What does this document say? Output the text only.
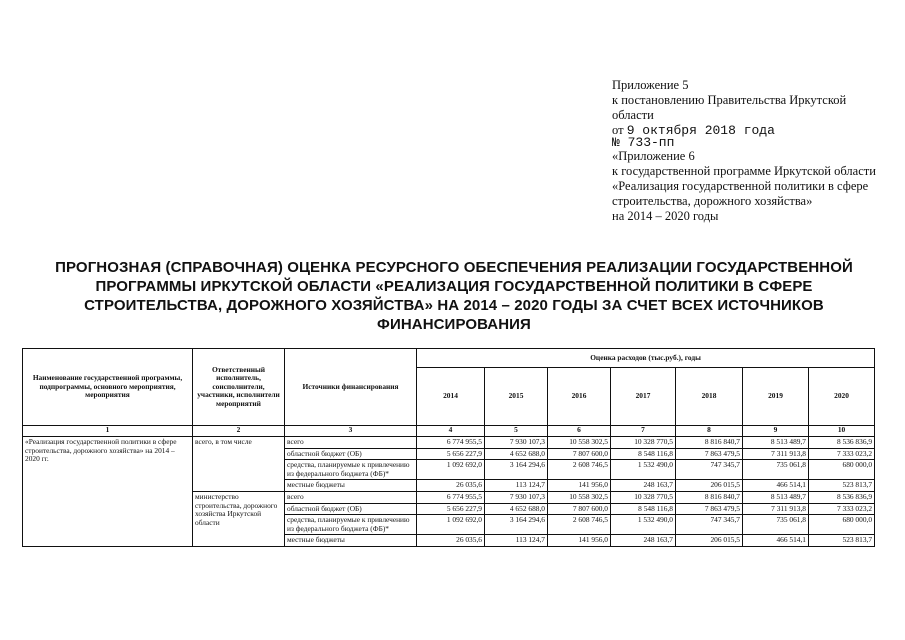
Приложение 5
к постановлению Правительства Иркутской области
от 9 октября 2018 года
№ 733-пп
«Приложение 6
к государственной программе Иркутской области «Реализация государственной политики в сфере строительства, дорожного хозяйства»
на 2014 – 2020 годы
ПРОГНОЗНАЯ (СПРАВОЧНАЯ) ОЦЕНКА РЕСУРСНОГО ОБЕСПЕЧЕНИЯ РЕАЛИЗАЦИИ ГОСУДАРСТВЕННОЙ ПРОГРАММЫ ИРКУТСКОЙ ОБЛАСТИ «РЕАЛИЗАЦИЯ ГОСУДАРСТВЕННОЙ ПОЛИТИКИ В СФЕРЕ СТРОИТЕЛЬСТВА, ДОРОЖНОГО ХОЗЯЙСТВА» НА 2014 – 2020 ГОДЫ ЗА СЧЕТ ВСЕХ ИСТОЧНИКОВ ФИНАНСИРОВАНИЯ
Наименование государственной программы, подпрограммы, основного мероприятия, мероприятия	Ответственный исполнитель, соисполнители, участники, исполнители мероприятий	Источники финансирования	Оценка расходов (тыс.руб.), годы						
			2014	2015	2016	2017	2018	2019	2020
1	2	3	4	5	6	7	8	9	10
«Реализация государственной политики в сфере строительства, дорожного хозяйства» на 2014 – 2020 гг.	всего, в том числе	всего	6 774 955,5	7 930 107,3	10 558 302,5	10 328 770,5	8 816 840,7	8 513 489,7	8 536 836,9
		областной бюджет (ОБ)	5 656 227,9	4 652 688,0	7 807 600,0	8 548 116,8	7 863 479,5	7 311 913,8	7 333 023,2
		средства, планируемые к привлечению из федерального бюджета (ФБ)*	1 092 692,0	3 164 294,6	2 608 746,5	1 532 490,0	747 345,7	735 061,8	680 000,0
		местные бюджеты	26 035,6	113 124,7	141 956,0	248 163,7	206 015,5	466 514,1	523 813,7
	министерство строительства, дорожного хозяйства Иркутской области	всего	6 774 955,5	7 930 107,3	10 558 302,5	10 328 770,5	8 816 840,7	8 513 489,7	8 536 836,9
		областной бюджет (ОБ)	5 656 227,9	4 652 688,0	7 807 600,0	8 548 116,8	7 863 479,5	7 311 913,8	7 333 023,2
		средства, планируемые к привлечению из федерального бюджета (ФБ)*	1 092 692,0	3 164 294,6	2 608 746,5	1 532 490,0	747 345,7	735 061,8	680 000,0
		местные бюджеты	26 035,6	113 124,7	141 956,0	248 163,7	206 015,5	466 514,1	523 813,7
